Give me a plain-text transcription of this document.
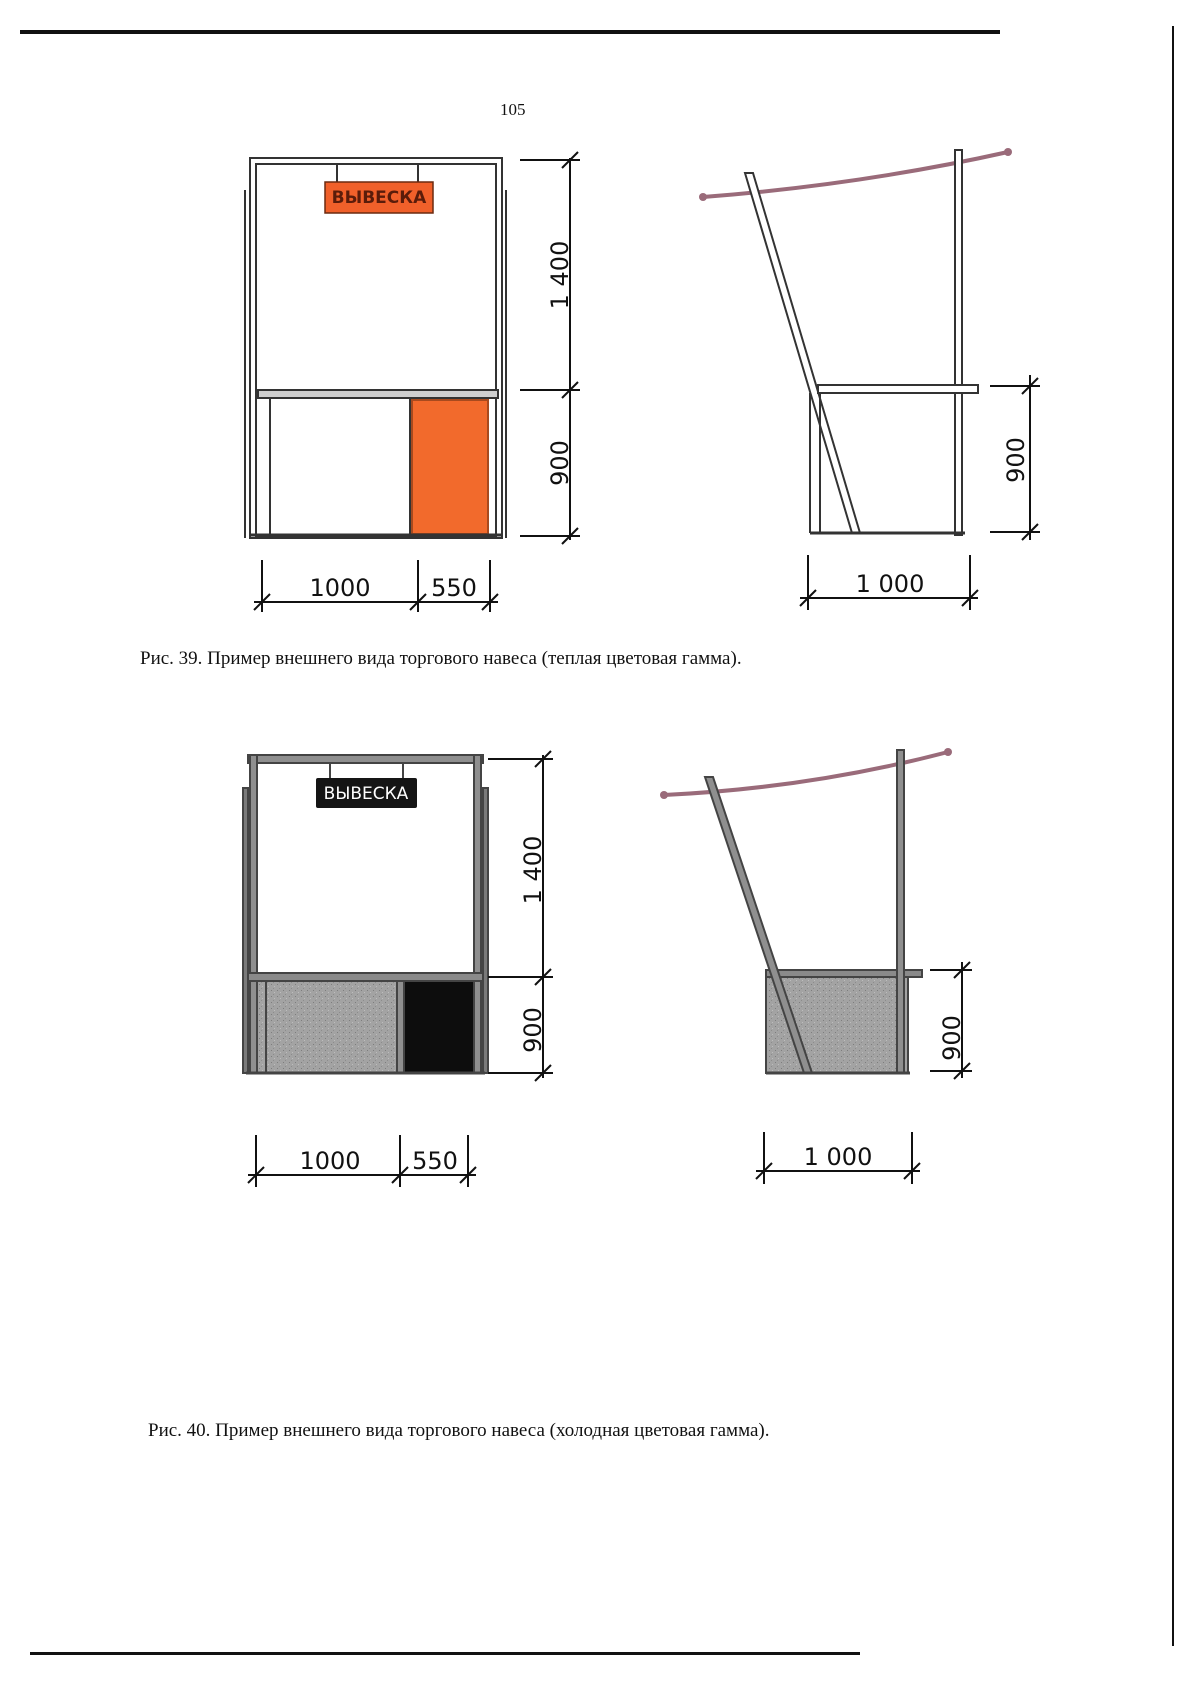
105
ВЫВЕСКА
1 400
900
1000	550
900
1 000
Рис. 39. Пример внешнего вида торгового навеса (теплая цветовая гамма).
ВЫВЕСКА
1 400
900
1000 550
900
1 000
Рис. 40. Пример внешнего вида торгового навеса (холодная цветовая гамма).
